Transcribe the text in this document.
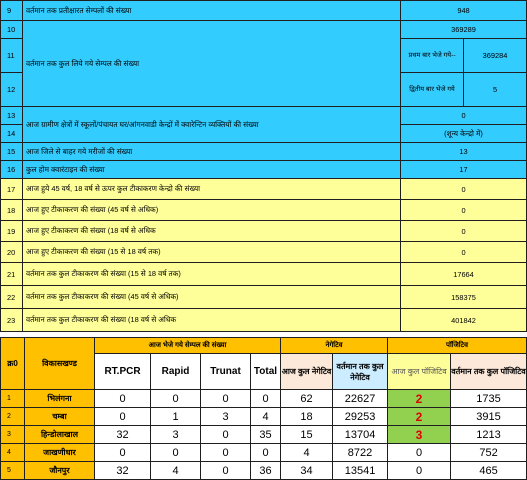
9	वर्तमान तक प्रतीक्षारत सेम्पलों की संख्या	948
10	वर्तमान तक कुल लिये गये सेम्पल की संख्या	369289
11		प्रथम बार भेजे गये--	369284

12		द्वितीय बार भेजे गये	5

13	आज ग्रामीण क्षेत्रों में स्कूलों/पंचायत घर/आंगनवाडी केन्द्रों में क्वारेन्टिन व्यक्तियों की संख्या	0
14	(शून्य केन्द्रो में)
15	आज जिले से बाहर गये मरीजों की संख्या	13
16	कुल होम क्वारंटाइन की संख्या	17
17	आज हुये 45 वर्ष, 18 वर्ष से ऊपर कुल टीकाकरण केन्द्रो की संख्या	0
18	आज हुए टीकाकरण की संख्या (45 वर्ष से अधिक)	0
19	आज हुए टीकाकरण की संख्या (18 वर्ष से अधिक	0
20	आज हुए टीकाकरण की संख्या (15 से 18 वर्ष तक)	0
21	वर्तमान तक कुल टीकाकरण की संख्या (15 से 18 वर्ष तक)	17664
22	वर्तमान तक कुल टीकाकरण की संख्या (45 वर्ष से अधिक)	158375
23	वर्तमान तक कुल टीकाकरण की संख्या (18 वर्ष से अधिक	401842
क्र0	विकासखण्ड	आज भेजे गये सेम्पल की संख्या				नेगेटिव		पॉजिटिव	
		RT.PCR	Rapid	Trunat	Total	आज कुल नेगेटिव	वर्तमान तक कुल नेगेटिव	आज कुल पॉजिटिव	वर्तमान तक कुल पॉजिटिव
1	भिलंगना	0	0	0	0	62	22627	2	1735
2	चम्बा	0	1	3	4	18	29253	2	3915
3	हिन्डोलाखाल	32	3	0	35	15	13704	3	1213
4	जाखणीधार	0	0	0	0	4	8722	0	752
5	जौनपुर	32	4	0	36	34	13541	0	465
